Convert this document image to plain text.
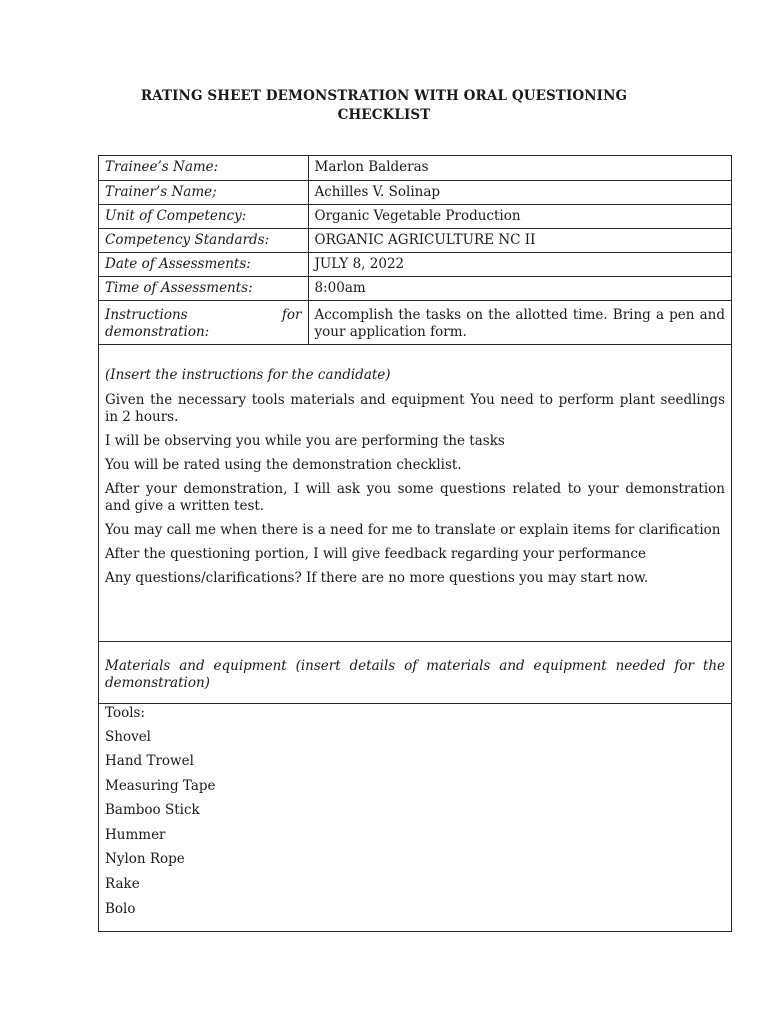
RATING SHEET DEMONSTRATION WITH ORAL QUESTIONING
CHECKLIST
Trainee’s Name:	Marlon Balderas
Trainer’s Name;	Achilles V. Solinap
Unit of Competency:	Organic Vegetable Production
Competency Standards:	ORGANIC AGRICULTURE NC II
Date of Assessments:	JULY 8, 2022
Time of Assessments:	8:00am

Instructions for
demonstration:	Accomplish the tasks on the allotted time. Bring a pen and your application form.
(Insert the instructions for the candidate)

Given the necessary tools materials and equipment You need to perform plant seedlings in 2 hours.

I will be observing you while you are performing the tasks

You will be rated using the demonstration checklist.

After your demonstration, I will ask you some questions related to your demonstration and give a written test.

You may call me when there is a need for me to translate or explain items for clarification

After the questioning portion, I will give feedback regarding your performance

Any questions/clarifications? If there are no more questions you may start now.

Materials and equipment (insert details of materials and equipment needed for the demonstration)
Tools:
Shovel
Hand Trowel
Measuring Tape
Bamboo Stick
Hummer
Nylon Rope
Rake
Bolo
